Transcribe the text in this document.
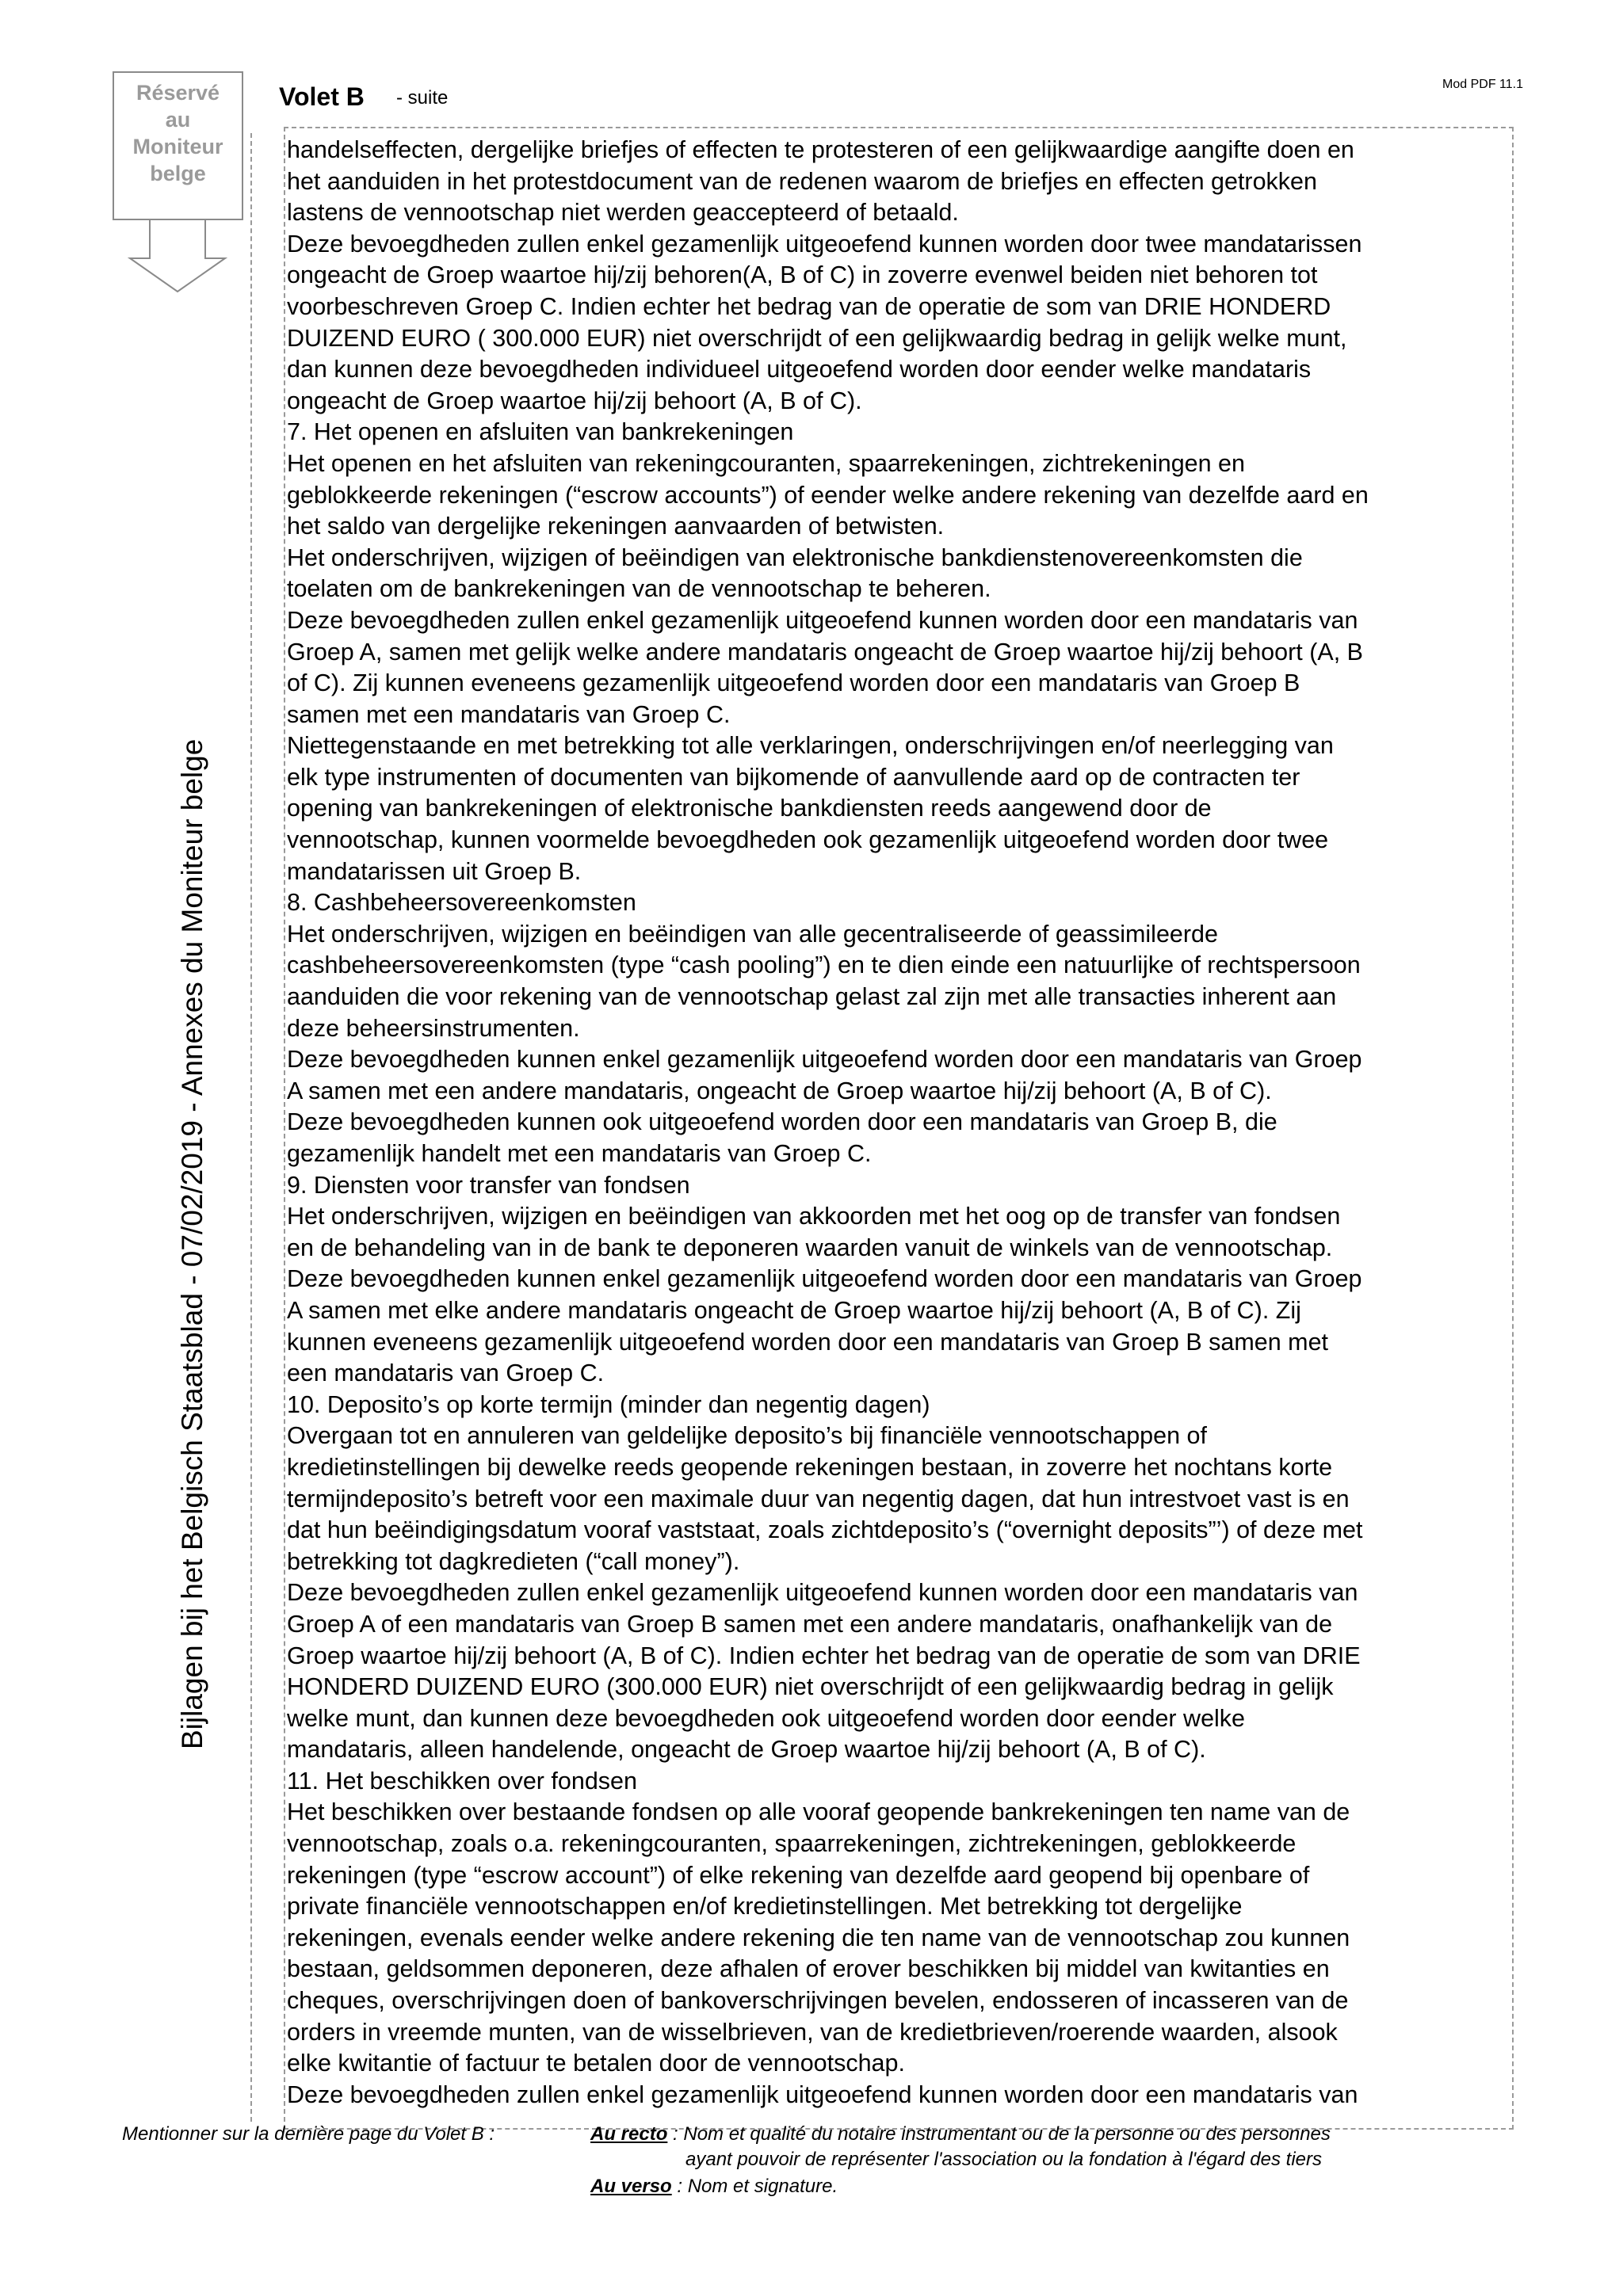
Réservé
au
Moniteur
belge
Volet B - suite
Mod PDF 11.1
Bijlagen bij het Belgisch Staatsblad - 07/02/2019 - Annexes du Moniteur belge
handelseffecten, dergelijke briefjes of effecten te protesteren of een gelijkwaardige aangifte doen en
het aanduiden in het protestdocument van de redenen waarom de briefjes en effecten getrokken
lastens de vennootschap niet werden geaccepteerd of betaald.
Deze bevoegdheden zullen enkel gezamenlijk uitgeoefend kunnen worden door twee mandatarissen
ongeacht de Groep waartoe hij/zij behoren(A, B of C) in zoverre evenwel beiden niet behoren tot
voorbeschreven Groep C. Indien echter het bedrag van de operatie de som van DRIE HONDERD
DUIZEND EURO ( 300.000 EUR) niet overschrijdt of een gelijkwaardig bedrag in gelijk welke munt,
dan kunnen deze bevoegdheden individueel uitgeoefend worden door eender welke mandataris
ongeacht de Groep waartoe hij/zij behoort (A, B of C).
7. Het openen en afsluiten van bankrekeningen
Het openen en het afsluiten van rekeningcouranten, spaarrekeningen, zichtrekeningen en
geblokkeerde rekeningen (“escrow accounts”) of eender welke andere rekening van dezelfde aard en
het saldo van dergelijke rekeningen aanvaarden of betwisten.
Het onderschrijven, wijzigen of beëindigen van elektronische bankdienstenovereenkomsten die
toelaten om de bankrekeningen van de vennootschap te beheren.
Deze bevoegdheden zullen enkel gezamenlijk uitgeoefend kunnen worden door een mandataris van
Groep A, samen met gelijk welke andere mandataris ongeacht de Groep waartoe hij/zij behoort (A, B
of C). Zij kunnen eveneens gezamenlijk uitgeoefend worden door een mandataris van Groep B
samen met een mandataris van Groep C.
Niettegenstaande en met betrekking tot alle verklaringen, onderschrijvingen en/of neerlegging van
elk type instrumenten of documenten van bijkomende of aanvullende aard op de contracten ter
opening van bankrekeningen of elektronische bankdiensten reeds aangewend door de
vennootschap, kunnen voormelde bevoegdheden ook gezamenlijk uitgeoefend worden door twee
mandatarissen uit Groep B.
8. Cashbeheersovereenkomsten
Het onderschrijven, wijzigen en beëindigen van alle gecentraliseerde of geassimileerde
cashbeheersovereenkomsten (type “cash pooling”) en te dien einde een natuurlijke of rechtspersoon
aanduiden die voor rekening van de vennootschap gelast zal zijn met alle transacties inherent aan
deze beheersinstrumenten.
Deze bevoegdheden kunnen enkel gezamenlijk uitgeoefend worden door een mandataris van Groep
A samen met een andere mandataris, ongeacht de Groep waartoe hij/zij behoort (A, B of C).
Deze bevoegdheden kunnen ook uitgeoefend worden door een mandataris van Groep B, die
gezamenlijk handelt met een mandataris van Groep C.
9. Diensten voor transfer van fondsen
Het onderschrijven, wijzigen en beëindigen van akkoorden met het oog op de transfer van fondsen
en de behandeling van in de bank te deponeren waarden vanuit de winkels van de vennootschap.
Deze bevoegdheden kunnen enkel gezamenlijk uitgeoefend worden door een mandataris van Groep
A samen met elke andere mandataris ongeacht de Groep waartoe hij/zij behoort (A, B of C). Zij
kunnen eveneens gezamenlijk uitgeoefend worden door een mandataris van Groep B samen met
een mandataris van Groep C.
10. Deposito’s op korte termijn (minder dan negentig dagen)
Overgaan tot en annuleren van geldelijke deposito’s bij financiële vennootschappen of
kredietinstellingen bij dewelke reeds geopende rekeningen bestaan, in zoverre het nochtans korte
termijndeposito’s betreft voor een maximale duur van negentig dagen, dat hun intrestvoet vast is en
dat hun beëindigingsdatum vooraf vaststaat, zoals zichtdeposito’s (“overnight deposits”’) of deze met
betrekking tot dagkredieten (“call money”).
Deze bevoegdheden zullen enkel gezamenlijk uitgeoefend kunnen worden door een mandataris van
Groep A of een mandataris van Groep B samen met een andere mandataris, onafhankelijk van de
Groep waartoe hij/zij behoort (A, B of C). Indien echter het bedrag van de operatie de som van DRIE
HONDERD DUIZEND EURO (300.000 EUR) niet overschrijdt of een gelijkwaardig bedrag in gelijk
welke munt, dan kunnen deze bevoegdheden ook uitgeoefend worden door eender welke
mandataris, alleen handelende, ongeacht de Groep waartoe hij/zij behoort (A, B of C).
11. Het beschikken over fondsen
Het beschikken over bestaande fondsen op alle vooraf geopende bankrekeningen ten name van de
vennootschap, zoals o.a. rekeningcouranten, spaarrekeningen, zichtrekeningen, geblokkeerde
rekeningen (type “escrow account”) of elke rekening van dezelfde aard geopend bij openbare of
private financiële vennootschappen en/of kredietinstellingen. Met betrekking tot dergelijke
rekeningen, evenals eender welke andere rekening die ten name van de vennootschap zou kunnen
bestaan, geldsommen deponeren, deze afhalen of erover beschikken bij middel van kwitanties en
cheques, overschrijvingen doen of bankoverschrijvingen bevelen, endosseren of incasseren van de
orders in vreemde munten, van de wisselbrieven, van de kredietbrieven/roerende waarden, alsook
elke kwitantie of factuur te betalen door de vennootschap.
Deze bevoegdheden zullen enkel gezamenlijk uitgeoefend kunnen worden door een mandataris van
Mentionner sur la dernière page du Volet B :	Au recto : Nom et qualité du notaire instrumentant ou de la personne ou des personnes
ayant pouvoir de représenter l'association ou la fondation à l'égard des tiers
Au verso : Nom et signature.
